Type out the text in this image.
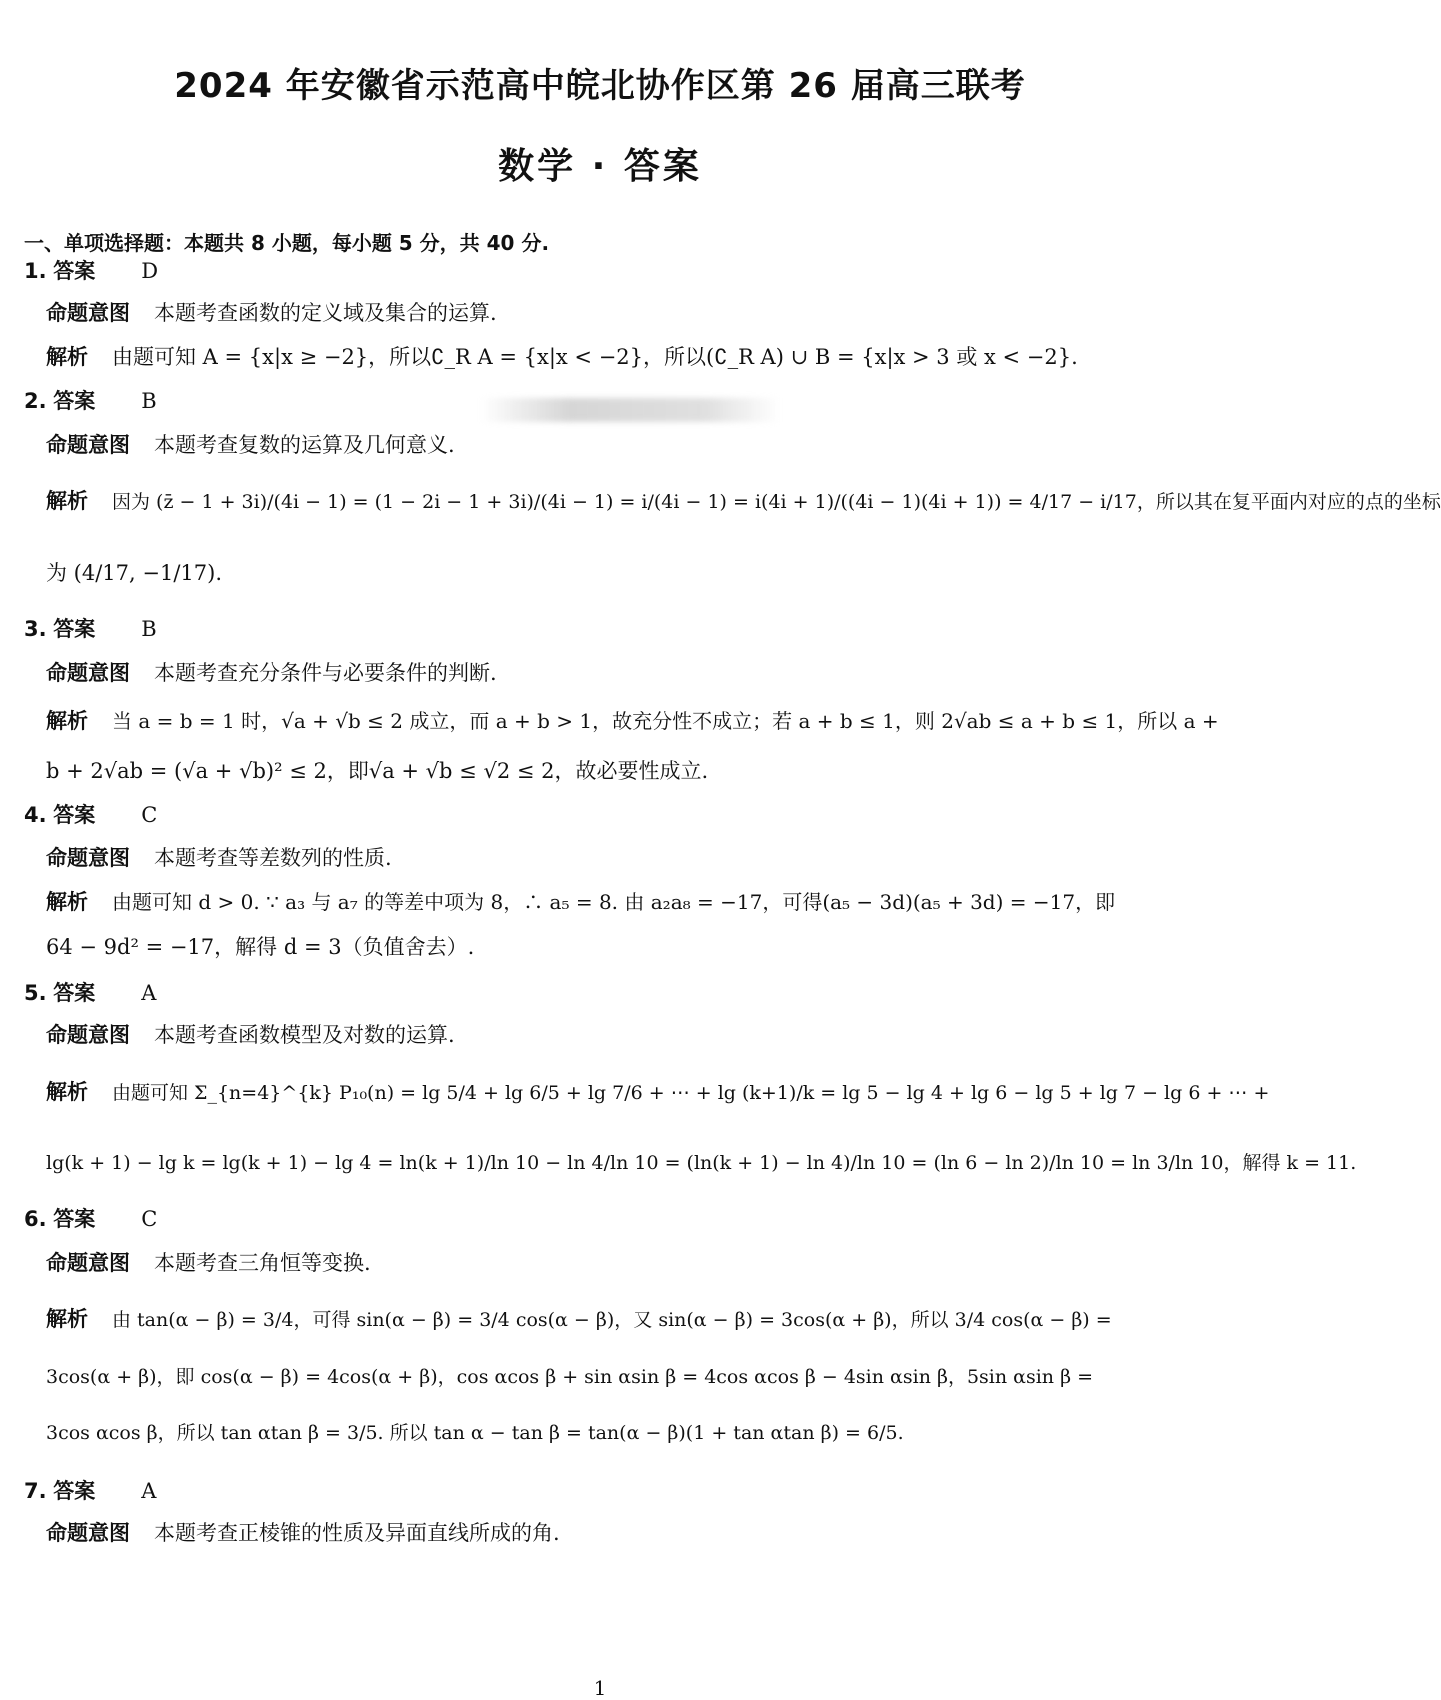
2024 年安徽省示范高中皖北协作区第 26 届高三联考
数学 · 答案
一、单项选择题：本题共 8 小题，每小题 5 分，共 40 分.
1. 答案 D
命题意图 本题考查函数的定义域及集合的运算.
解析 由题可知 A = {x|x ≥ −2}，所以∁_R A = {x|x < −2}，所以(∁_R A) ∪ B = {x|x > 3 或 x < −2}.
2. 答案 B
命题意图 本题考查复数的运算及几何意义.
解析 因为 (z̄ − 1 + 3i)/(4i − 1) = (1 − 2i − 1 + 3i)/(4i − 1) = i/(4i − 1) = i(4i + 1)/((4i − 1)(4i + 1)) = 4/17 − i/17，所以其在复平面内对应的点的坐标
为 (4/17, −1/17).
3. 答案 B
命题意图 本题考查充分条件与必要条件的判断.
解析 当 a = b = 1 时，√a + √b ≤ 2 成立，而 a + b > 1，故充分性不成立；若 a + b ≤ 1，则 2√ab ≤ a + b ≤ 1，所以 a +
b + 2√ab = (√a + √b)² ≤ 2，即√a + √b ≤ √2 ≤ 2，故必要性成立.
4. 答案 C
命题意图 本题考查等差数列的性质.
解析 由题可知 d > 0. ∵ a₃ 与 a₇ 的等差中项为 8，∴ a₅ = 8. 由 a₂a₈ = −17，可得(a₅ − 3d)(a₅ + 3d) = −17，即
64 − 9d² = −17，解得 d = 3（负值舍去）.
5. 答案 A
命题意图 本题考查函数模型及对数的运算.
解析 由题可知 Σ_{n=4}^{k} P₁₀(n) = lg 5/4 + lg 6/5 + lg 7/6 + ⋯ + lg (k+1)/k = lg 5 − lg 4 + lg 6 − lg 5 + lg 7 − lg 6 + ⋯ +
lg(k + 1) − lg k = lg(k + 1) − lg 4 = ln(k + 1)/ln 10 − ln 4/ln 10 = (ln(k + 1) − ln 4)/ln 10 = (ln 6 − ln 2)/ln 10 = ln 3/ln 10，解得 k = 11.
6. 答案 C
命题意图 本题考查三角恒等变换.
解析 由 tan(α − β) = 3/4，可得 sin(α − β) = 3/4 cos(α − β)，又 sin(α − β) = 3cos(α + β)，所以 3/4 cos(α − β) =
3cos(α + β)，即 cos(α − β) = 4cos(α + β)，cos αcos β + sin αsin β = 4cos αcos β − 4sin αsin β，5sin αsin β =
3cos αcos β，所以 tan αtan β = 3/5. 所以 tan α − tan β = tan(α − β)(1 + tan αtan β) = 6/5.
7. 答案 A
命题意图 本题考查正棱锥的性质及异面直线所成的角.
1
